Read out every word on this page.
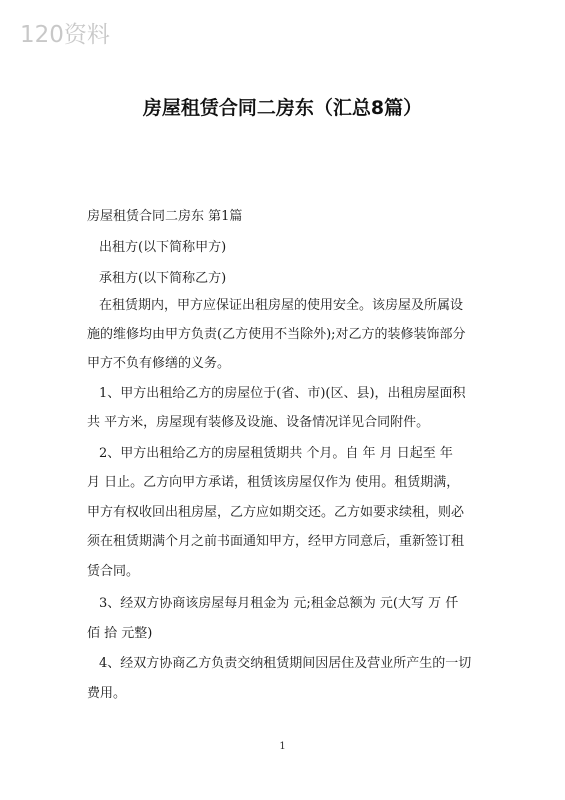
120资料
房屋租赁合同二房东（汇总8篇）
房屋租赁合同二房东 第1篇
出租方(以下简称甲方)
承租方(以下简称乙方)
在租赁期内，甲方应保证出租房屋的使用安全。该房屋及所属设
施的维修均由甲方负责(乙方使用不当除外);对乙方的装修装饰部分
甲方不负有修缮的义务。
1、甲方出租给乙方的房屋位于(省、市)(区、县)，出租房屋面积
共 平方米，房屋现有装修及设施、设备情况详见合同附件。
2、甲方出租给乙方的房屋租赁期共 个月。自 年 月 日起至 年
月 日止。乙方向甲方承诺，租赁该房屋仅作为 使用。租赁期满，
甲方有权收回出租房屋，乙方应如期交还。乙方如要求续租，则必
须在租赁期满个月之前书面通知甲方，经甲方同意后，重新签订租
赁合同。
3、经双方协商该房屋每月租金为 元;租金总额为 元(大写 万 仟
佰 拾 元整)
4、经双方协商乙方负责交纳租赁期间因居住及营业所产生的一切
费用。
1
